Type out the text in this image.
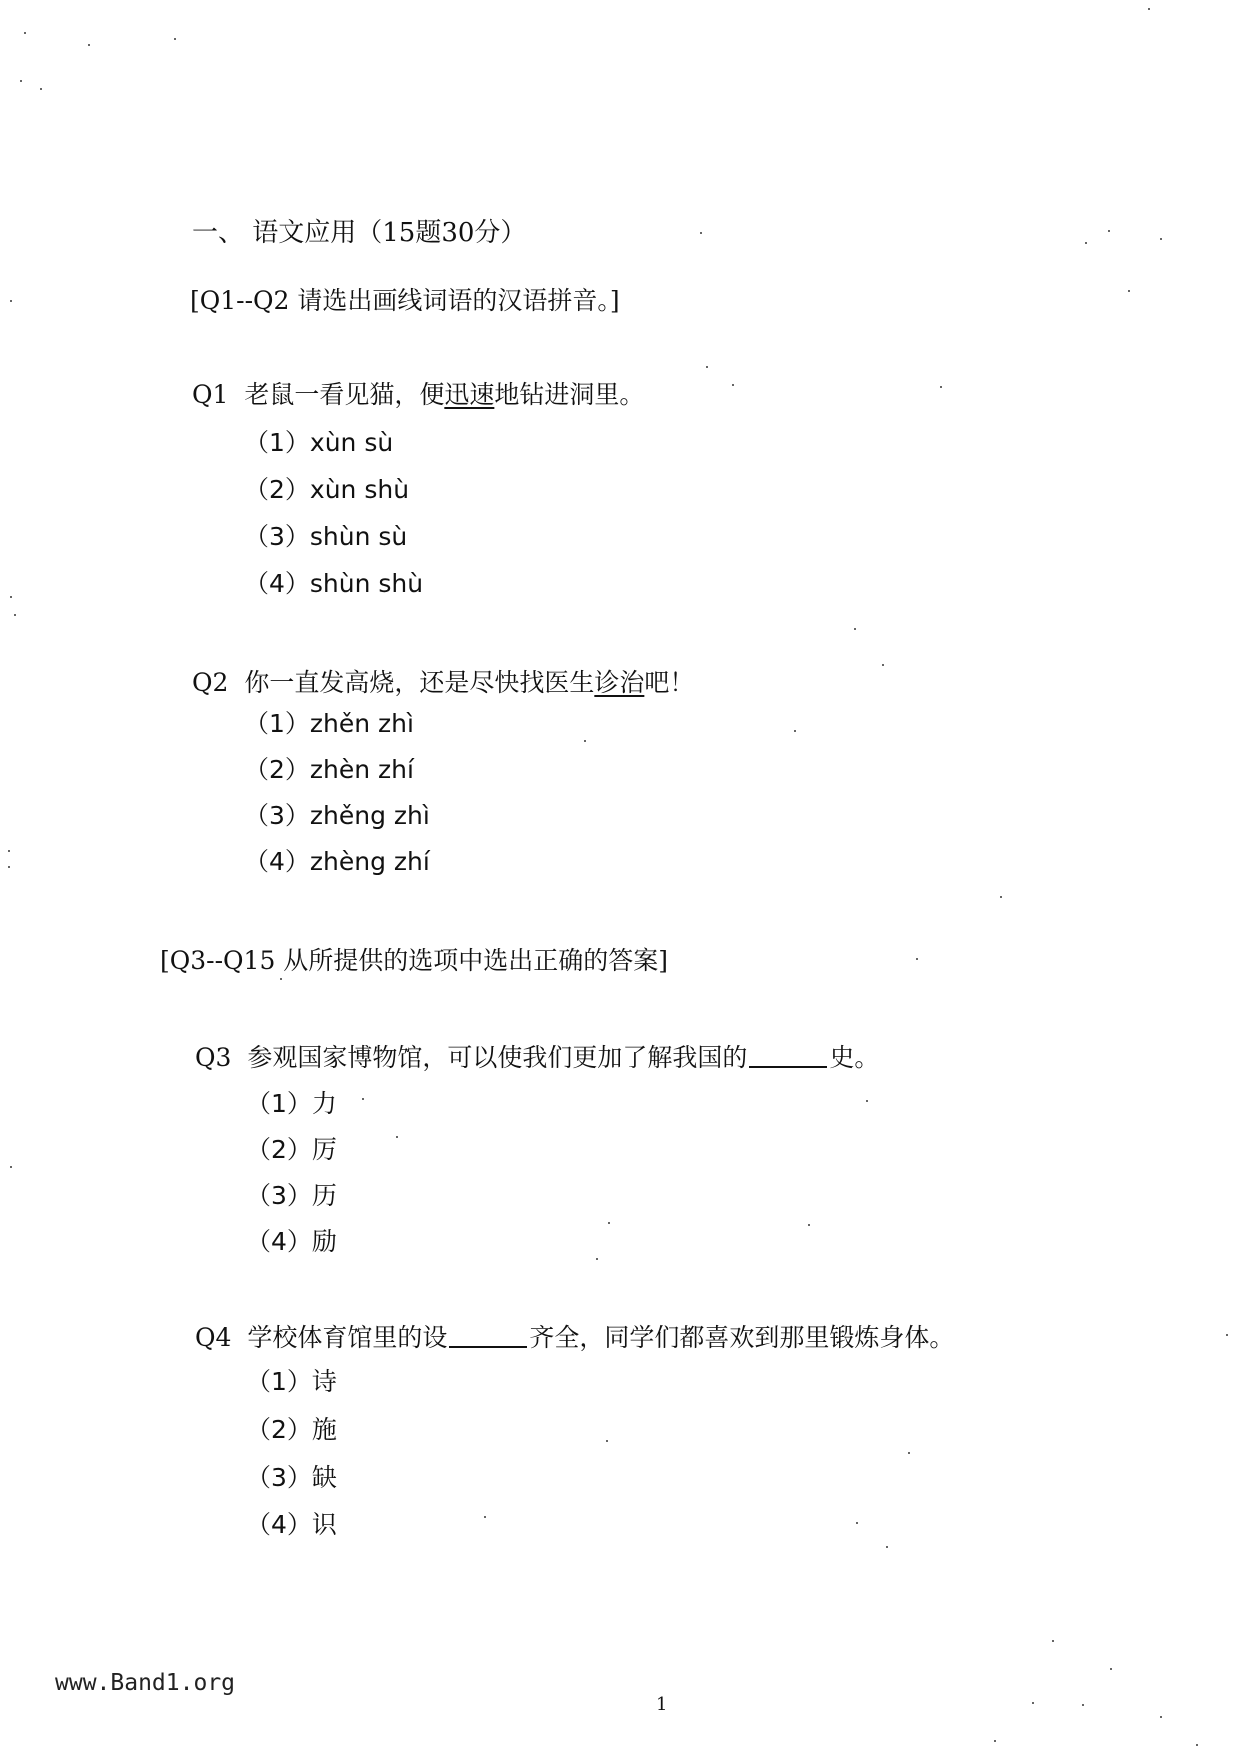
一、 语文应用（15题30分）
[Q1--Q2 请选出画线词语的汉语拼音。]
Q1 老鼠一看见猫，便迅速地钻进洞里。
（1）xùn sù
（2）xùn shù
（3）shùn sù
（4）shùn shù
Q2 你一直发高烧，还是尽快找医生诊治吧！
（1）zhěn zhì
（2）zhèn zhí
（3）zhěng zhì
（4）zhèng zhí
[Q3--Q15 从所提供的选项中选出正确的答案]
Q3 参观国家博物馆，可以使我们更加了解我国的	史。
（1）力
（2）厉
（3）历
（4）励
Q4 学校体育馆里的设	齐全，同学们都喜欢到那里锻炼身体。
（1）诗
（2）施
（3）缺
（4）识
www.Band1.org
1
